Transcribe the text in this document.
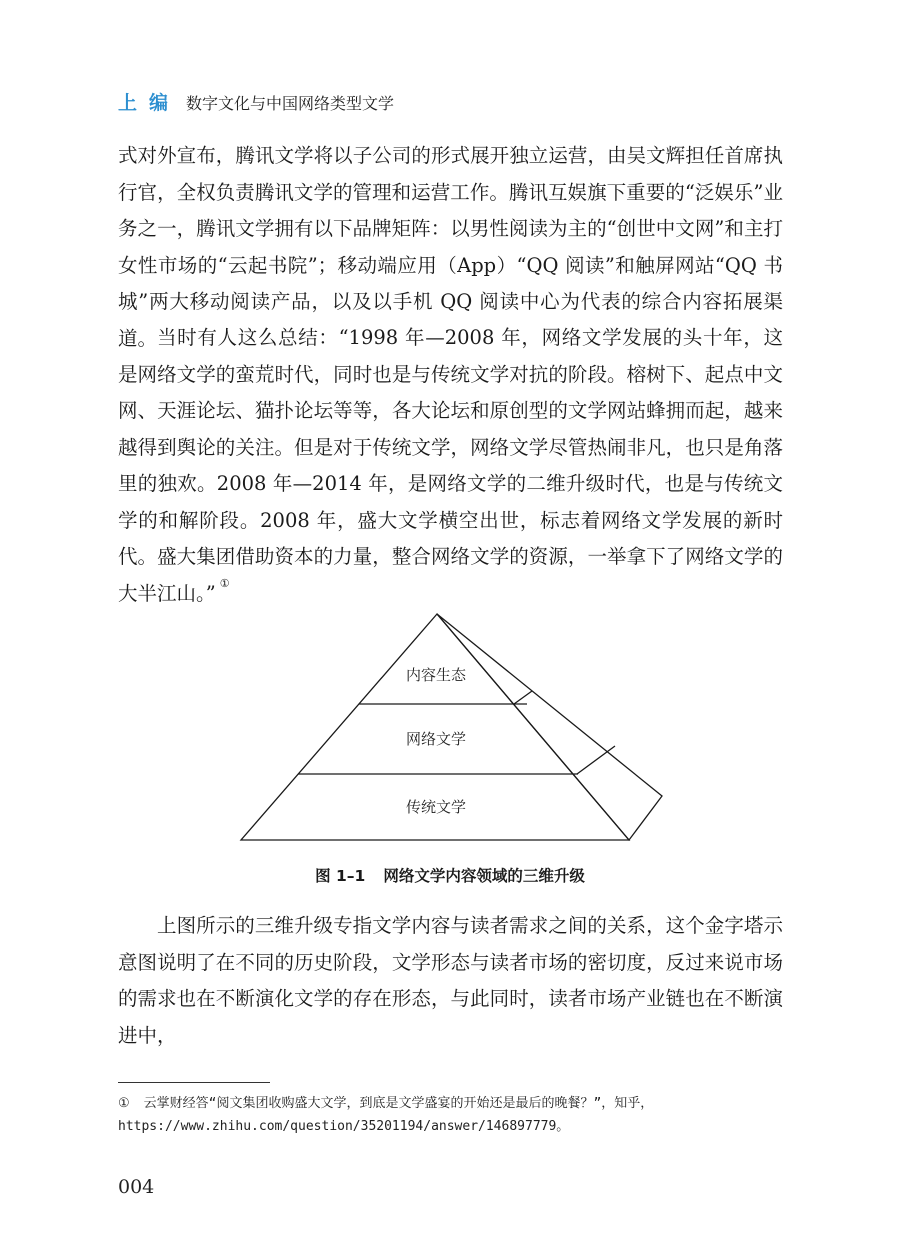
上编 数字文化与中国网络类型文学

式对外宣布，腾讯文学将以子公司的形式展开独立运营，由吴文辉担任首席执行官，全权负责腾讯文学的管理和运营工作。腾讯互娱旗下重要的“泛娱乐”业务之一，腾讯文学拥有以下品牌矩阵：以男性阅读为主的“创世中文网”和主打女性市场的“云起书院”；移动端应用（App）“QQ 阅读”和触屏网站“QQ 书城”两大移动阅读产品，以及以手机 QQ 阅读中心为代表的综合内容拓展渠道。 当时有人这么总结：“1998 年—2008 年，网络文学发展的头十年，这是网络文学的蛮荒时代，同时也是与传统文学对抗的阶段。榕树下、起点中文网、天涯论坛、猫扑论坛等等，各大论坛和原创型的文学网站蜂拥而起，越来越得到舆论的关注。但是对于传统文学，网络文学尽管热闹非凡，也只是角落里的独欢。2008 年—2014 年，是网络文学的二维升级时代，也是与传统文学的和解阶段。2008 年，盛大文学横空出世，标志着网络文学发展的新时代。盛大集团借助资本的力量，整合网络文学的资源，一举拿下了网络文学的大半江山。” ①

内容生态
网络文学
传统文学
图 1–1 网络文学内容领域的三维升级

上图所示的三维升级专指文学内容与读者需求之间的关系，这个金字塔示意图说明了在不同的历史阶段，文学形态与读者市场的密切度，反过来说市场的需求也在不断演化文学的存在形态，与此同时，读者市场产业链也在不断演进中，

① 云掌财经答“阅文集团收购盛大文学，到底是文学盛宴的开始还是最后的晚餐？”，知乎，https://www.zhihu.com/question/35201194/answer/146897779。

004
